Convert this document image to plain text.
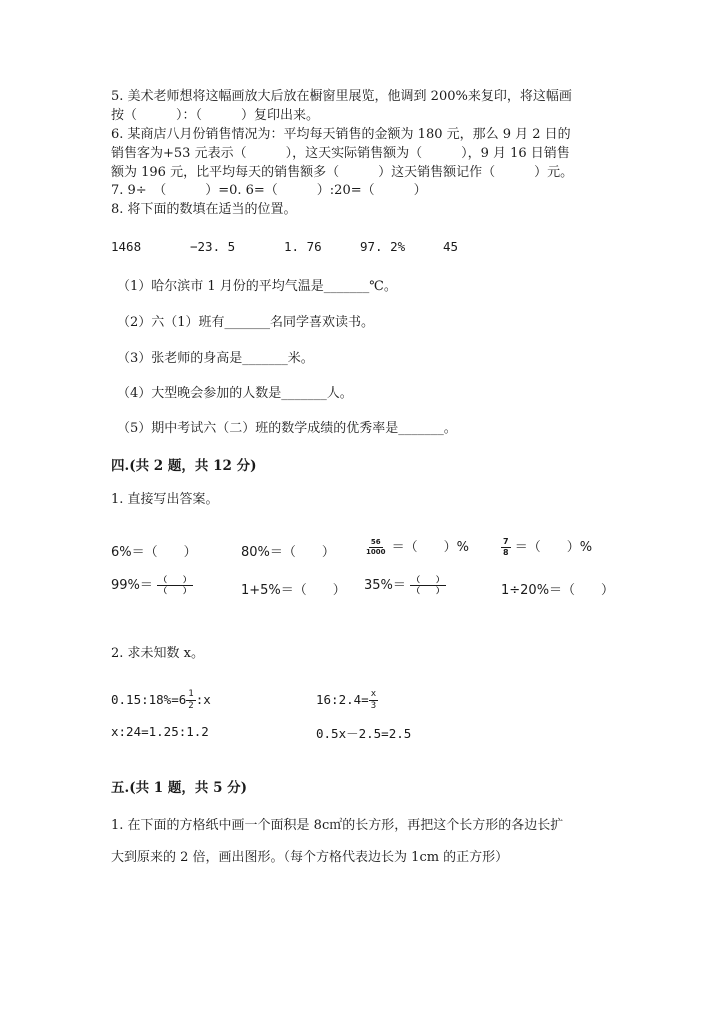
5. 美术老师想将这幅画放大后放在橱窗里展览，他调到 200%来复印，将这幅画
按（　　　）：（　　　）复印出来。
6. 某商店八月份销售情况为：平均每天销售的金额为 180 元，那么 9 月 2 日的
销售客为+53 元表示（　　　），这天实际销售额为（　　　），9 月 16 日销售
额为 196 元，比平均每天的销售额多（　　　）这天销售额记作（　　　）元。
7. 9÷　（　　　）=0. 6=（　　　）:20=（　　　）
8. 将下面的数填在适当的位置。
1468	−23. 5	1. 76	97. 2%	45
（1）哈尔滨市 1 月份的平均气温是_______℃。
（2）六（1）班有_______名同学喜欢读书。
（3）张老师的身高是_______米。
（4）大型晚会参加的人数是_______人。
（5）期中考试六（二）班的数学成绩的优秀率是_______。
四.(共 2 题，共 12 分)
1. 直接写出答案。
6%＝（　　）	80%＝（　　）	$\frac{56}{1000}$ ＝（　　）%	$\frac{7}{8}$ ＝（　　）%
$99\%= \frac{( )}{( )}$	1+5%＝（　　） $35\%= \frac{( )}{( )}$	1÷20%＝（　　）
2. 求未知数 x。
0.15:18%=6 $\frac{1}{2}$ :x	16:2.4= $\frac{x}{3}$
x:24=1.25:1.2	0.5x－2.5=2.5
五.(共 1 题，共 5 分)
1. 在下面的方格纸中画一个面积是 8c㎡的长方形，再把这个长方形的各边长扩
大到原来的 2 倍，画出图形。（每个方格代表边长为 1cm 的正方形）
